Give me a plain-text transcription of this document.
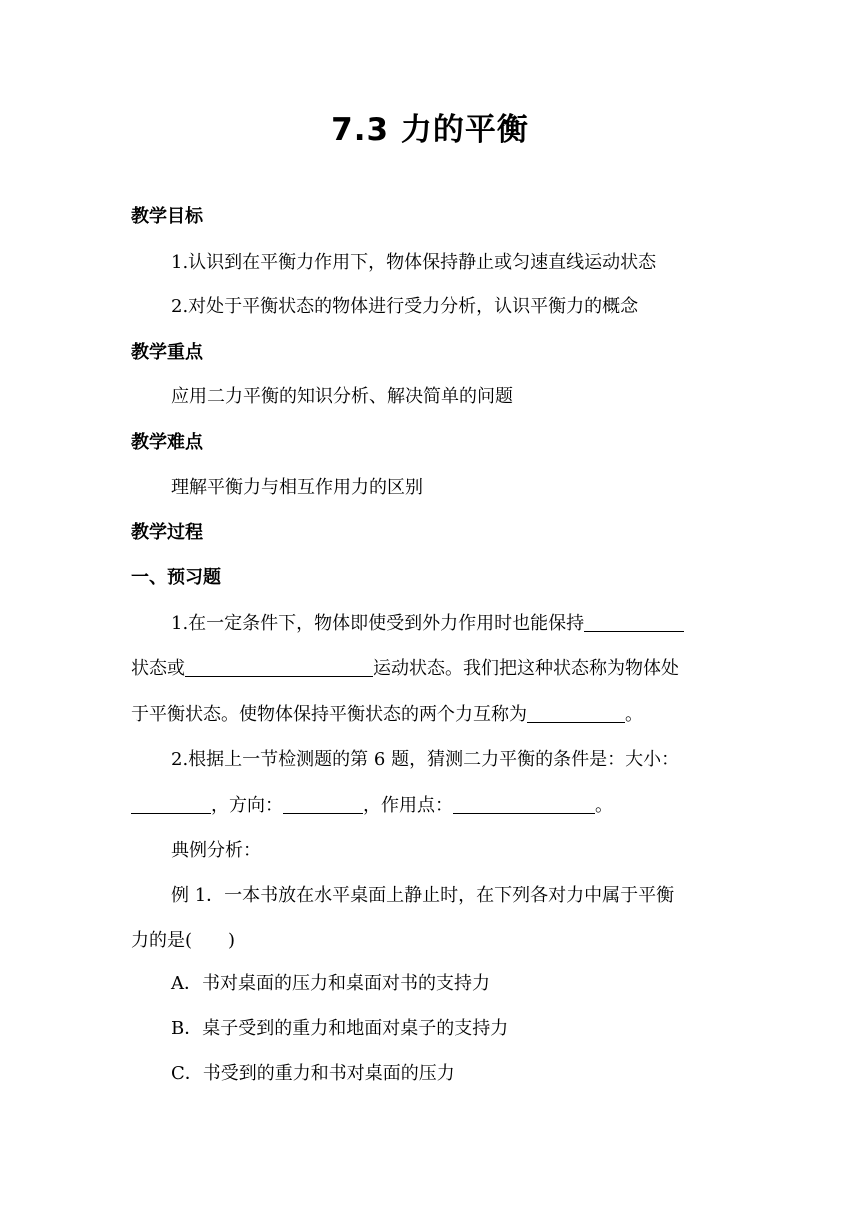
7.3 力的平衡
教学目标
1.认识到在平衡力作用下，物体保持静止或匀速直线运动状态
2.对处于平衡状态的物体进行受力分析，认识平衡力的概念
教学重点
应用二力平衡的知识分析、解决简单的问题
教学难点
理解平衡力与相互作用力的区别
教学过程
一、预习题
1.在一定条件下，物体即使受到外力作用时也能保持
状态或	运动状态。我们把这种状态称为物体处
于平衡状态。使物体保持平衡状态的两个力互称为	。
2.根据上一节检测题的第 6 题，猜测二力平衡的条件是：大小：
，方向：	，作用点：	。
典例分析：
例 1．一本书放在水平桌面上静止时，在下列各对力中属于平衡
力的是( )
A．书对桌面的压力和桌面对书的支持力
B．桌子受到的重力和地面对桌子的支持力
C．书受到的重力和书对桌面的压力
